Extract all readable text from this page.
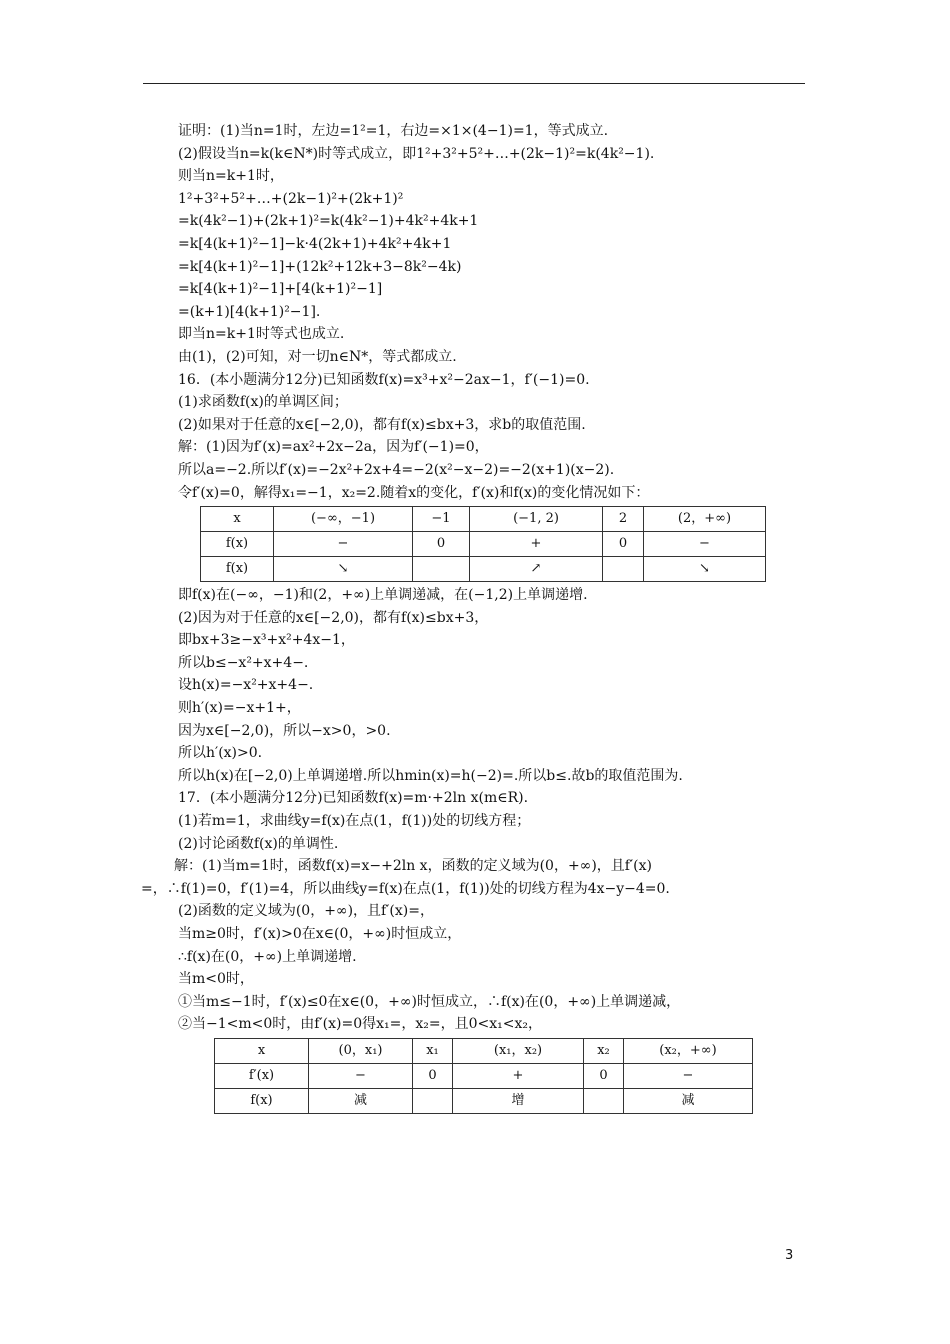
证明：(1)当n=1时，左边=1²=1，右边=×1×(4−1)=1，等式成立.
(2)假设当n=k(k∈N*)时等式成立，即1²+3²+5²+…+(2k−1)²=k(4k²−1).
则当n=k+1时，
1²+3²+5²+…+(2k−1)²+(2k+1)²
=k(4k²−1)+(2k+1)²=k(4k²−1)+4k²+4k+1
=k[4(k+1)²−1]−k·4(2k+1)+4k²+4k+1
=k[4(k+1)²−1]+(12k²+12k+3−8k²−4k)
=k[4(k+1)²−1]+[4(k+1)²−1]
=(k+1)[4(k+1)²−1].
即当n=k+1时等式也成立.
由(1)，(2)可知，对一切n∈N*，等式都成立.
16．(本小题满分12分)已知函数f(x)=x³+x²−2ax−1，f′(−1)=0.
(1)求函数f(x)的单调区间；
(2)如果对于任意的x∈[−2,0)，都有f(x)≤bx+3，求b的取值范围.
解：(1)因为f′(x)=ax²+2x−2a，因为f′(−1)=0，
所以a=−2.所以f′(x)=−2x²+2x+4=−2(x²−x−2)=−2(x+1)(x−2).
令f′(x)=0，解得x₁=−1，x₂=2.随着x的变化，f′(x)和f(x)的变化情况如下：
x	(−∞，−1)	−1	(−1, 2)	2	(2，+∞)
f(x)	−	0	+	0	−
f(x)	↘		↗		↘
即f(x)在(−∞，−1)和(2，+∞)上单调递减，在(−1,2)上单调递增.
(2)因为对于任意的x∈[−2,0)，都有f(x)≤bx+3，
即bx+3≥−x³+x²+4x−1，
所以b≤−x²+x+4−.
设h(x)=−x²+x+4−.
则h′(x)=−x+1+，
因为x∈[−2,0)，所以−x>0，>0.
所以h′(x)>0.
所以h(x)在[−2,0)上单调递增.所以hmin(x)=h(−2)=.所以b≤.故b的取值范围为.
17．(本小题满分12分)已知函数f(x)=m·+2ln x(m∈R).
(1)若m=1，求曲线y=f(x)在点(1，f(1))处的切线方程；
(2)讨论函数f(x)的单调性.
解：(1)当m=1时，函数f(x)=x−+2ln x，函数的定义域为(0，+∞)，且f′(x)
=，∴f(1)=0，f′(1)=4，所以曲线y=f(x)在点(1，f(1))处的切线方程为4x−y−4=0.
(2)函数的定义域为(0，+∞)，且f′(x)=，
当m≥0时，f′(x)>0在x∈(0，+∞)时恒成立，
∴f(x)在(0，+∞)上单调递增.
当m<0时，
①当m≤−1时，f′(x)≤0在x∈(0，+∞)时恒成立，∴f(x)在(0，+∞)上单调递减，
②当−1<m<0时，由f′(x)=0得x₁=，x₂=，且0<x₁<x₂，
x	(0，x₁)	x₁	(x₁，x₂)	x₂	(x₂，+∞)
f′(x)	−	0	+	0	−
f(x)	减		增		减
3
